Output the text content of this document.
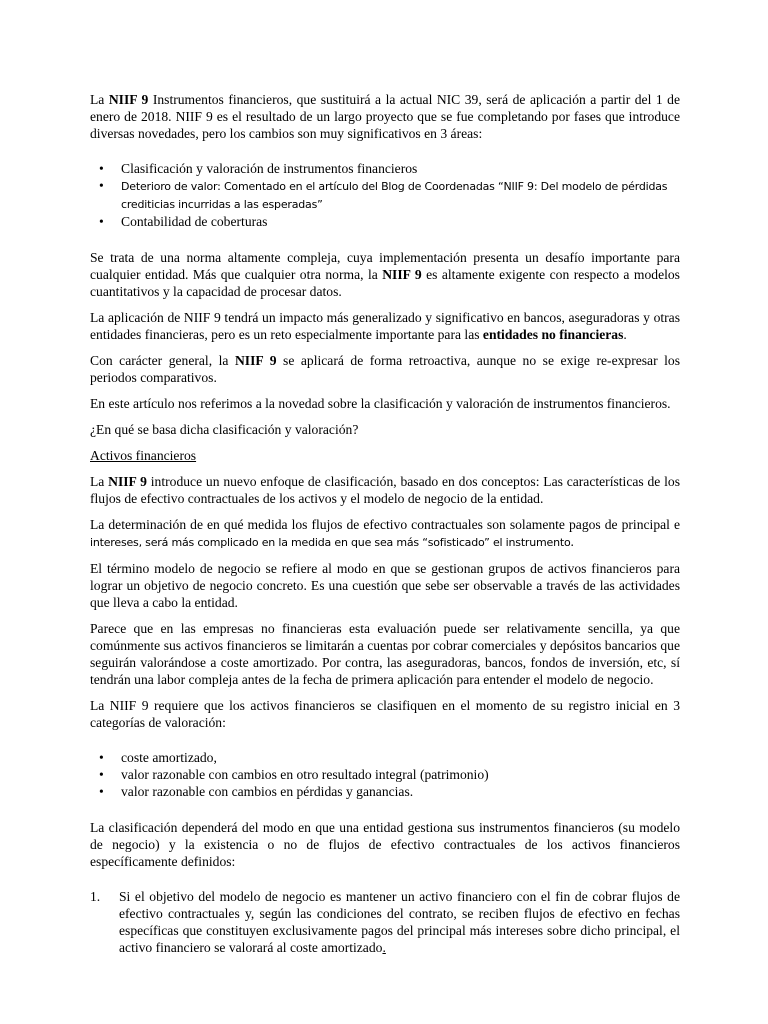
La NIIF 9 Instrumentos financieros, que sustituirá a la actual NIC 39, será de aplicación a partir del 1 de enero de 2018. NIIF 9 es el resultado de un largo proyecto que se fue completando por fases que introduce diversas novedades, pero los cambios son muy significativos en 3 áreas:

• Clasificación y valoración de instrumentos financieros

• Deterioro de valor: Comentado en el artículo del Blog de Coordenadas “NIIF 9: Del modelo de pérdidas crediticias incurridas a las esperadas”

• Contabilidad de coberturas

Se trata de una norma altamente compleja, cuya implementación presenta un desafío importante para cualquier entidad. Más que cualquier otra norma, la NIIF 9 es altamente exigente con respecto a modelos cuantitativos y la capacidad de procesar datos.

La aplicación de NIIF 9 tendrá un impacto más generalizado y significativo en bancos, aseguradoras y otras entidades financieras, pero es un reto especialmente importante para las entidades no financieras.

Con carácter general, la NIIF 9 se aplicará de forma retroactiva, aunque no se exige re-expresar los periodos comparativos.

En este artículo nos referimos a la novedad sobre la clasificación y valoración de instrumentos financieros.

¿En qué se basa dicha clasificación y valoración?

Activos financieros

La NIIF 9 introduce un nuevo enfoque de clasificación, basado en dos conceptos: Las características de los flujos de efectivo contractuales de los activos y el modelo de negocio de la entidad.

La determinación de en qué medida los flujos de efectivo contractuales son solamente pagos de principal e intereses, será más complicado en la medida en que sea más “sofisticado” el instrumento.

El término modelo de negocio se refiere al modo en que se gestionan grupos de activos financieros para lograr un objetivo de negocio concreto. Es una cuestión que sebe ser observable a través de las actividades que lleva a cabo la entidad.

Parece que en las empresas no financieras esta evaluación puede ser relativamente sencilla, ya que comúnmente sus activos financieros se limitarán a cuentas por cobrar comerciales y depósitos bancarios que seguirán valorándose a coste amortizado. Por contra, las aseguradoras, bancos, fondos de inversión, etc, sí tendrán una labor compleja antes de la fecha de primera aplicación para entender el modelo de negocio.

La NIIF 9 requiere que los activos financieros se clasifiquen en el momento de su registro inicial en 3 categorías de valoración:

• coste amortizado,

• valor razonable con cambios en otro resultado integral (patrimonio)

• valor razonable con cambios en pérdidas y ganancias.

La clasificación dependerá del modo en que una entidad gestiona sus instrumentos financieros (su modelo de negocio) y la existencia o no de flujos de efectivo contractuales de los activos financieros específicamente definidos:

1. Si el objetivo del modelo de negocio es mantener un activo financiero con el fin de cobrar flujos de efectivo contractuales y, según las condiciones del contrato, se reciben flujos de efectivo en fechas específicas que constituyen exclusivamente pagos del principal más intereses sobre dicho principal, el activo financiero se valorará al coste amortizado.
